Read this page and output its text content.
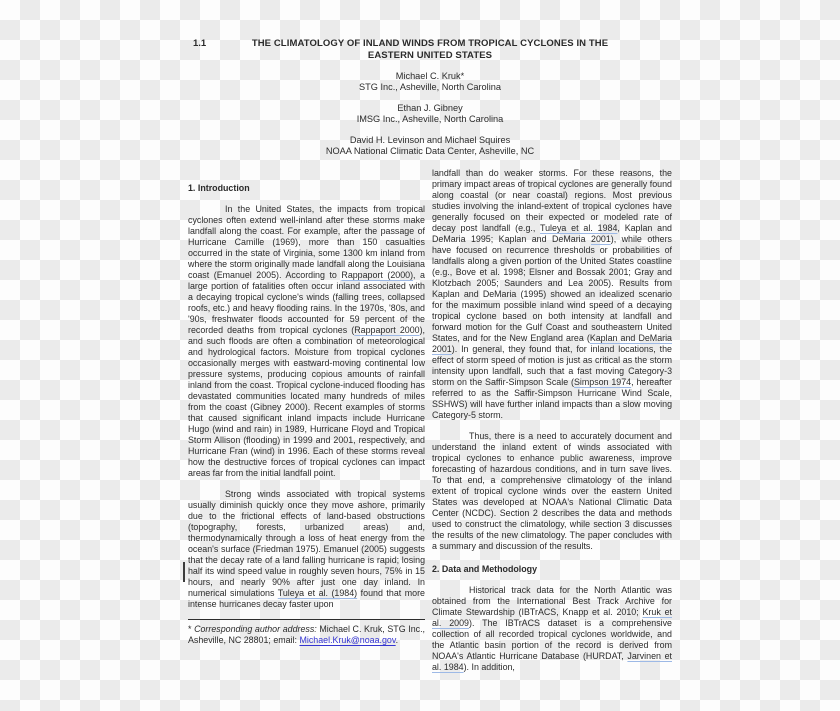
1.1	THE CLIMATOLOGY OF INLAND WINDS FROM TROPICAL CYCLONES IN THE
EASTERN UNITED STATES
Michael C. Kruk*
STG Inc., Asheville, North Carolina
Ethan J. Gibney
IMSG Inc., Asheville, North Carolina
David H. Levinson and Michael Squires
NOAA National Climatic Data Center, Asheville, NC
1. Introduction
In the United States, the impacts from tropical cyclones often extend well-inland after these storms make landfall along the coast. For example, after the passage of Hurricane Camille (1969), more than 150 casualties occurred in the state of Virginia, some 1300 km inland from where the storm originally made landfall along the Louisiana coast (Emanuel 2005). According to Rappaport (2000), a large portion of fatalities often occur inland associated with a decaying tropical cyclone's winds (falling trees, collapsed roofs, etc.) and heavy flooding rains. In the 1970s, '80s, and '90s, freshwater floods accounted for 59 percent of the recorded deaths from tropical cyclones (Rappaport 2000), and such floods are often a combination of meteorological and hydrological factors. Moisture from tropical cyclones occasionally merges with eastward-moving continental low pressure systems, producing copious amounts of rainfall inland from the coast. Tropical cyclone-induced flooding has devastated communities located many hundreds of miles from the coast (Gibney 2000). Recent examples of storms that caused significant inland impacts include Hurricane Hugo (wind and rain) in 1989, Hurricane Floyd and Tropical Storm Allison (flooding) in 1999 and 2001, respectively, and Hurricane Fran (wind) in 1996. Each of these storms reveal how the destructive forces of tropical cyclones can impact areas far from the initial landfall point.
Strong winds associated with tropical systems usually diminish quickly once they move ashore, primarily due to the frictional effects of land-based obstructions (topography, forests, urbanized areas) and, thermodynamically through a loss of heat energy from the ocean's surface (Friedman 1975). Emanuel (2005) suggests that the decay rate of a land falling hurricane is rapid; losing half its wind speed value in roughly seven hours, 75% in 15 hours, and nearly 90% after just one day inland. In numerical simulations Tuleya et al. (1984) found that more intense hurricanes decay faster upon
* Corresponding author address: Michael C. Kruk, STG Inc., Asheville, NC 28801; email: Michael.Kruk@noaa.gov.
landfall than do weaker storms. For these reasons, the primary impact areas of tropical cyclones are generally found along coastal (or near coastal) regions. Most previous studies involving the inland-extent of tropical cyclones have generally focused on their expected or modeled rate of decay post landfall (e.g., Tuleya et al. 1984, Kaplan and DeMaria 1995; Kaplan and DeMaria 2001), while others have focused on recurrence thresholds or probabilities of landfalls along a given portion of the United States coastline (e.g., Bove et al. 1998; Elsner and Bossak 2001; Gray and Klotzbach 2005; Saunders and Lea 2005). Results from Kaplan and DeMaria (1995) showed an idealized scenario for the maximum possible inland wind speed of a decaying tropical cyclone based on both intensity at landfall and forward motion for the Gulf Coast and southeastern United States, and for the New England area (Kaplan and DeMaria 2001). In general, they found that, for inland locations, the effect of storm speed of motion is just as critical as the storm intensity upon landfall, such that a fast moving Category-3 storm on the Saffir-Simpson Scale (Simpson 1974, hereafter referred to as the Saffir-Simpson Hurricane Wind Scale, SSHWS) will have further inland impacts than a slow moving Category-5 storm.
Thus, there is a need to accurately document and understand the inland extent of winds associated with tropical cyclones to enhance public awareness, improve forecasting of hazardous conditions, and in turn save lives. To that end, a comprehensive climatology of the inland extent of tropical cyclone winds over the eastern United States was developed at NOAA's National Climatic Data Center (NCDC). Section 2 describes the data and methods used to construct the climatology, while section 3 discusses the results of the new climatology. The paper concludes with a summary and discussion of the results.
2. Data and Methodology
Historical track data for the North Atlantic was obtained from the International Best Track Archive for Climate Stewardship (IBTrACS, Knapp et al. 2010; Kruk et al. 2009). The IBTrACS dataset is a comprehensive collection of all recorded tropical cyclones worldwide, and the Atlantic basin portion of the record is derived from NOAA's Atlantic Hurricane Database (HURDAT, Jarvinen et al. 1984). In addition,
